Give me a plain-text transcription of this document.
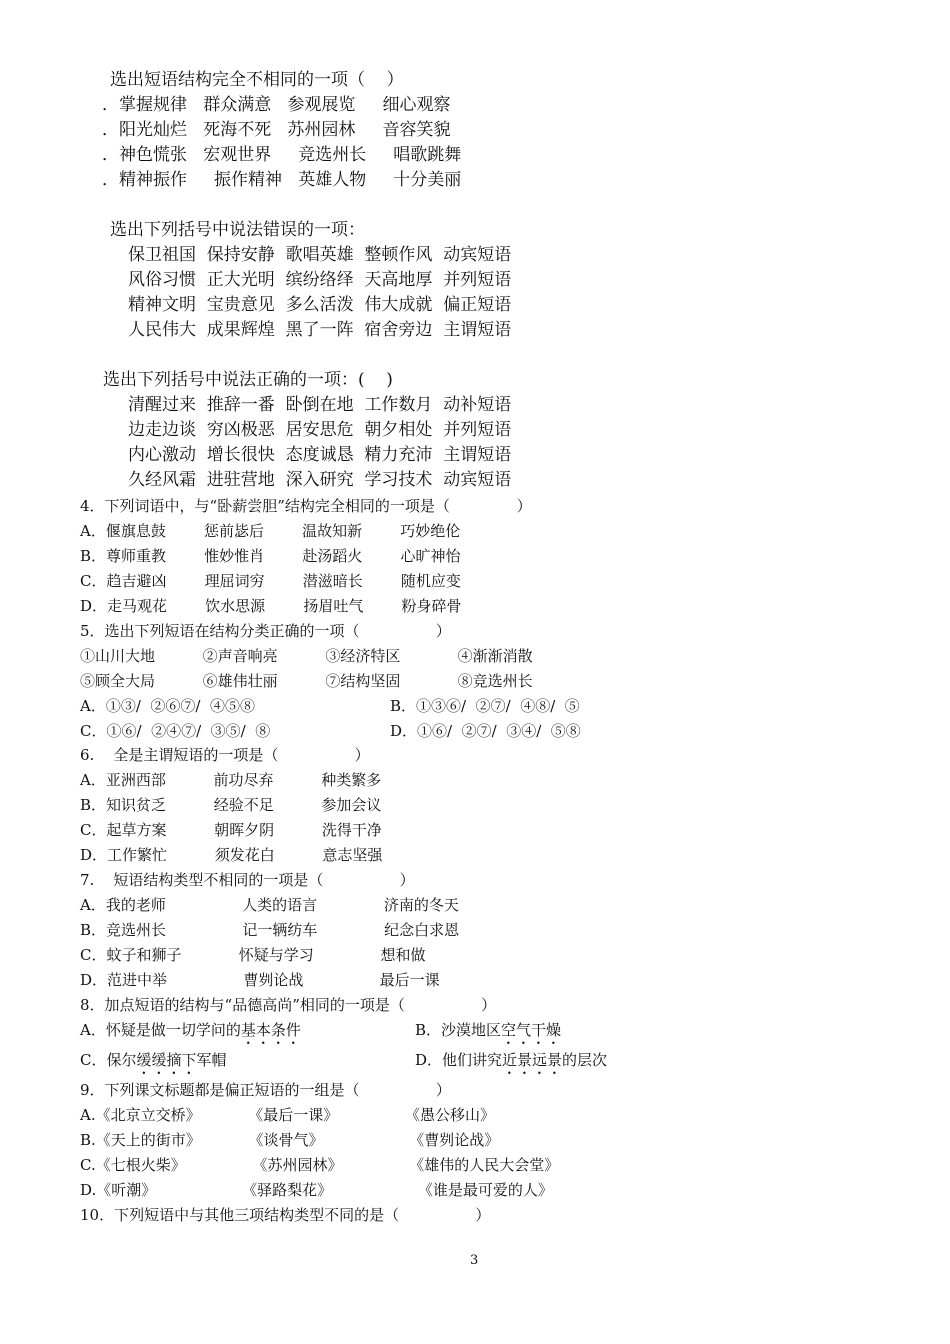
选出短语结构完全不相同的一项（    ）
．掌握规律   群众满意   参观展览     细心观察
．阳光灿烂   死海不死   苏州园林     音容笑貌
．神色慌张   宏观世界     竞选州长     唱歌跳舞
．精神振作     振作精神   英雄人物     十分美丽
选出下列括号中说法错误的一项：
保卫祖国  保持安静  歌唱英雄  整顿作风  动宾短语
风俗习惯  正大光明  缤纷络绎  天高地厚  并列短语
精神文明  宝贵意见  多么活泼  伟大成就  偏正短语
人民伟大  成果辉煌  黑了一阵  宿舍旁边  主谓短语
选出下列括号中说法正确的一项：(    )
清醒过来  推辞一番  卧倒在地  工作数月  动补短语
边走边谈  穷凶极恶  居安思危  朝夕相处  并列短语
内心激动  增长很快  态度诚恳  精力充沛  主谓短语
久经风霜  进驻营地  深入研究  学习技术  动宾短语
4．下列词语中，与“卧薪尝胆”结构完全相同的一项是（              ）
A．偃旗息鼓        惩前毖后        温故知新        巧妙绝伦
B．尊师重教        惟妙惟肖        赴汤蹈火        心旷神怡
C．趋吉避凶        理屈词穷        潜滋暗长        随机应变
D．走马观花        饮水思源        扬眉吐气        粉身碎骨
5．选出下列短语在结构分类正确的一项（                ）
①山川大地          ②声音响亮          ③经济特区            ④渐渐消散
⑤顾全大局          ⑥雄伟壮丽          ⑦结构坚固            ⑧竞选州长
A．①③/  ②⑥⑦/  ④⑤⑧	B．①③⑥/  ②⑦/  ④⑧/  ⑤
C．①⑥/  ②④⑦/  ③⑤/  ⑧	D．①⑥/  ②⑦/  ③④/  ⑤⑧
6.    全是主谓短语的一项是（                ）
A．亚洲西部          前功尽弃          种类繁多
B．知识贫乏          经验不足          参加会议
C．起草方案          朝晖夕阴          洗得干净
D．工作繁忙          须发花白          意志坚强
7.    短语结构类型不相同的一项是（                ）
A．我的老师                人类的语言              济南的冬天
B．竞选州长                记一辆纺车              纪念白求恩
C．蚊子和狮子            怀疑与学习              想和做
D．范进中举                曹刿论战                最后一课
8．加点短语的结构与“品德高尚”相同的一项是（                ）
A．怀疑是做一切学问的基本条件	B．沙漠地区空气干燥
C．保尔缓缓摘下军帽	D．他们讲究近景远景的层次
9．下列课文标题都是偏正短语的一组是（                ）
A.《北京立交桥》          《最后一课》              《愚公移山》
B.《天上的街市》          《谈骨气》                  《曹刿论战》
C.《七根火柴》              《苏州园林》              《雄伟的人民大会堂》
D.《听潮》                  《驿路梨花》                  《谁是最可爱的人》
10．下列短语中与其他三项结构类型不同的是（                ）
3
